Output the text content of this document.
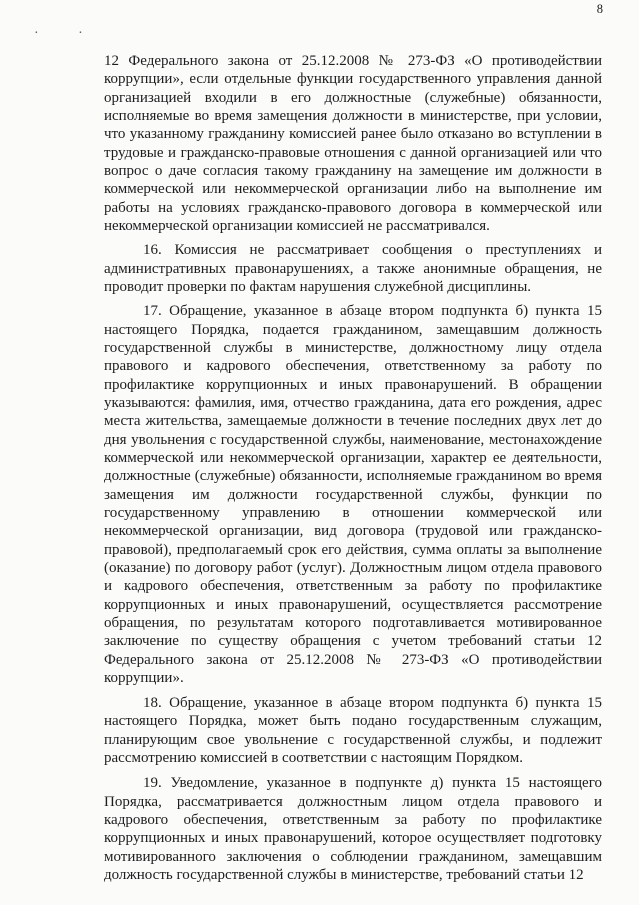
· ·
8

12 Федерального закона от 25.12.2008 № 273-ФЗ «О противодействии коррупции», если отдельные функции государственного управления данной организацией входили в его должностные (служебные) обязанности, исполняемые во время замещения должности в министерстве, при условии, что указанному гражданину комиссией ранее было отказано во вступлении в трудовые и гражданско-правовые отношения с данной организацией или что вопрос о даче согласия такому гражданину на замещение им должности в коммерческой или некоммерческой организации либо на выполнение им работы на условиях гражданско-правового договора в коммерческой или некоммерческой организации комиссией не рассматривался.

16. Комиссия не рассматривает сообщения о преступлениях и административных правонарушениях, а также анонимные обращения, не проводит проверки по фактам нарушения служебной дисциплины.

17. Обращение, указанное в абзаце втором подпункта б) пункта 15 настоящего Порядка, подается гражданином, замещавшим должность государственной службы в министерстве, должностному лицу отдела правового и кадрового обеспечения, ответственному за работу по профилактике коррупционных и иных правонарушений. В обращении указываются: фамилия, имя, отчество гражданина, дата его рождения, адрес места жительства, замещаемые должности в течение последних двух лет до дня увольнения с государственной службы, наименование, местонахождение коммерческой или некоммерческой организации, характер ее деятельности, должностные (служебные) обязанности, исполняемые гражданином во время замещения им должности государственной службы, функции по государственному управлению в отношении коммерческой или некоммерческой организации, вид договора (трудовой или гражданско-правовой), предполагаемый срок его действия, сумма оплаты за выполнение (оказание) по договору работ (услуг). Должностным лицом отдела правового и кадрового обеспечения, ответственным за работу по профилактике коррупционных и иных правонарушений, осуществляется рассмотрение обращения, по результатам которого подготавливается мотивированное заключение по существу обращения с учетом требований статьи 12 Федерального закона от 25.12.2008 № 273-ФЗ «О противодействии коррупции».

18. Обращение, указанное в абзаце втором подпункта б) пункта 15 настоящего Порядка, может быть подано государственным служащим, планирующим свое увольнение с государственной службы, и подлежит рассмотрению комиссией в соответствии с настоящим Порядком.

19. Уведомление, указанное в подпункте д) пункта 15 настоящего Порядка, рассматривается должностным лицом отдела правового и кадрового обеспечения, ответственным за работу по профилактике коррупционных и иных правонарушений, которое осуществляет подготовку мотивированного заключения о соблюдении гражданином, замещавшим должность государственной службы в министерстве, требований статьи 12
